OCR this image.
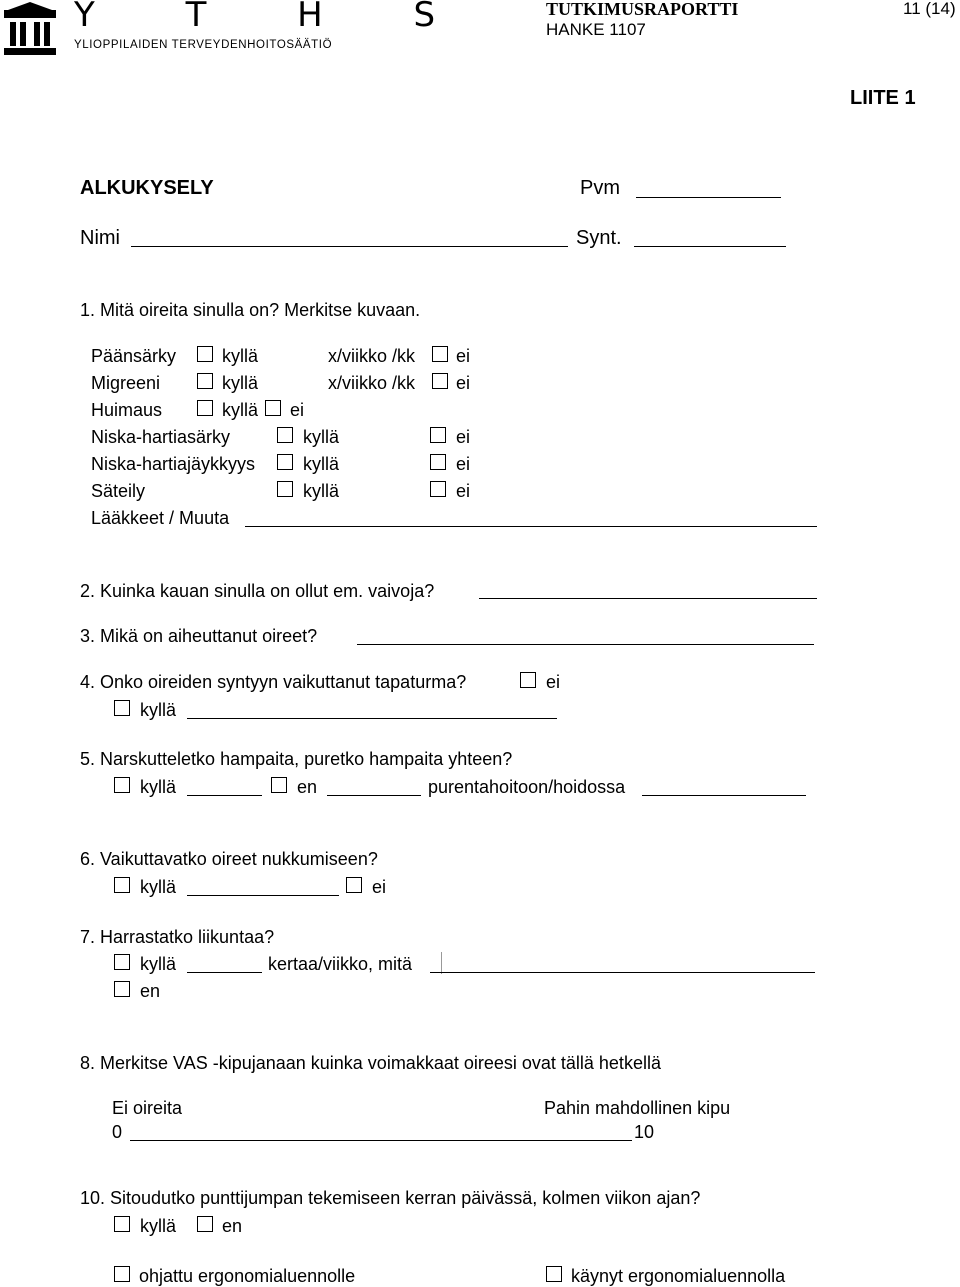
Y T H S
YLIOPPILAIDEN TERVEYDENHOITOSÄÄTIÖ
TUTKIMUSRAPORTTI
HANKE 1107
11 (14)
LIITE 1
ALKUKYSELY	Pvm
Nimi	Synt.
1. Mitä oireita sinulla on? Merkitse kuvaan.
Päänsärky	kyllä	x/viikko /kk ei
Migreeni	kyllä	x/viikko /kk ei
Huimaus	kyllä ei
Niska-hartiasärky	kyllä	ei
Niska-hartiajäykkyys	kyllä	ei
Säteily	kyllä	ei
Lääkkeet / Muuta
2. Kuinka kauan sinulla on ollut em. vaivoja?
3. Mikä on aiheuttanut oireet?
4. Onko oireiden syntyyn vaikuttanut tapaturma?	ei
kyllä
5. Narskutteletko hampaita, puretko hampaita yhteen?
kyllä	en	purentahoitoon/hoidossa
6. Vaikuttavatko oireet nukkumiseen?
kyllä	ei
7. Harrastatko liikuntaa?
kyllä	kertaa/viikko, mitä
en
8. Merkitse VAS -kipujanaan kuinka voimakkaat oireesi ovat tällä hetkellä
Ei oireita	Pahin mahdollinen kipu
0	10
10. Sitoudutko punttijumpan tekemiseen kerran päivässä, kolmen viikon ajan?
kyllä	en
ohjattu ergonomialuennolle	käynyt ergonomialuennolla
